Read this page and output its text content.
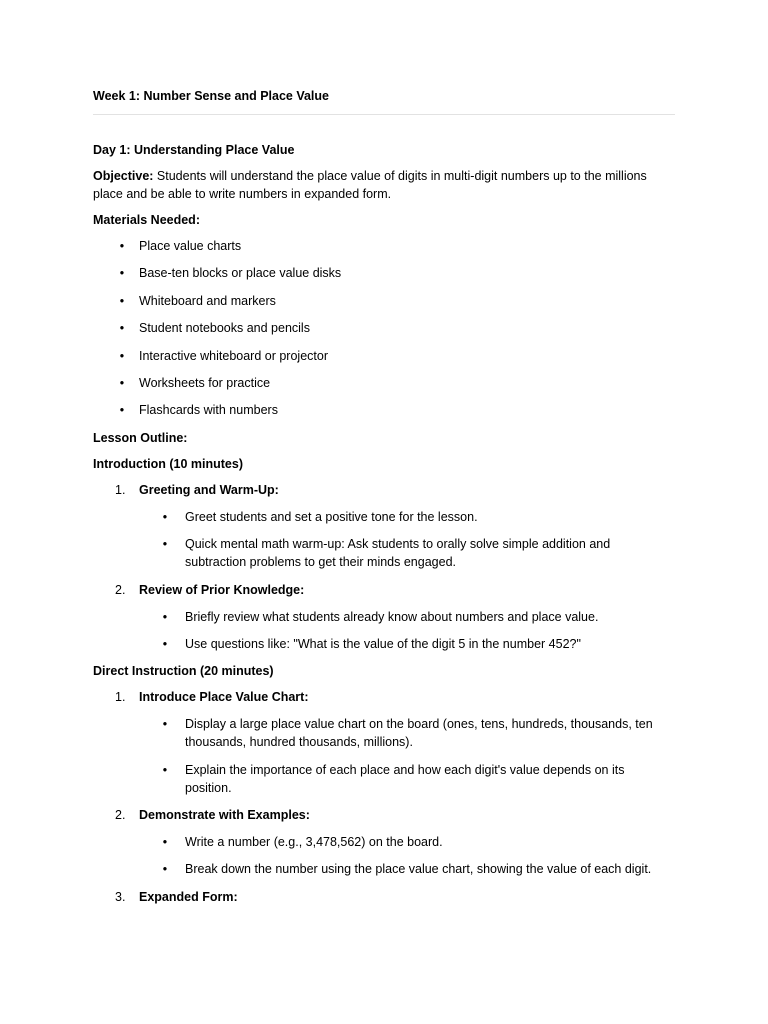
Week 1: Number Sense and Place Value

Day 1: Understanding Place Value

Objective: Students will understand the place value of digits in multi-digit numbers up to the millions place and be able to write numbers in expanded form.

Materials Needed:

• Place value charts
• Base-ten blocks or place value disks
• Whiteboard and markers
• Student notebooks and pencils
• Interactive whiteboard or projector
• Worksheets for practice
• Flashcards with numbers

Lesson Outline:

Introduction (10 minutes)

1. Greeting and Warm-Up:
• Greet students and set a positive tone for the lesson.
• Quick mental math warm-up: Ask students to orally solve simple addition and subtraction problems to get their minds engaged.
2. Review of Prior Knowledge:
• Briefly review what students already know about numbers and place value.
• Use questions like: "What is the value of the digit 5 in the number 452?"

Direct Instruction (20 minutes)

1. Introduce Place Value Chart:
• Display a large place value chart on the board (ones, tens, hundreds, thousands, ten thousands, hundred thousands, millions).
• Explain the importance of each place and how each digit's value depends on its position.
2. Demonstrate with Examples:
• Write a number (e.g., 3,478,562) on the board.
• Break down the number using the place value chart, showing the value of each digit.
3. Expanded Form:
